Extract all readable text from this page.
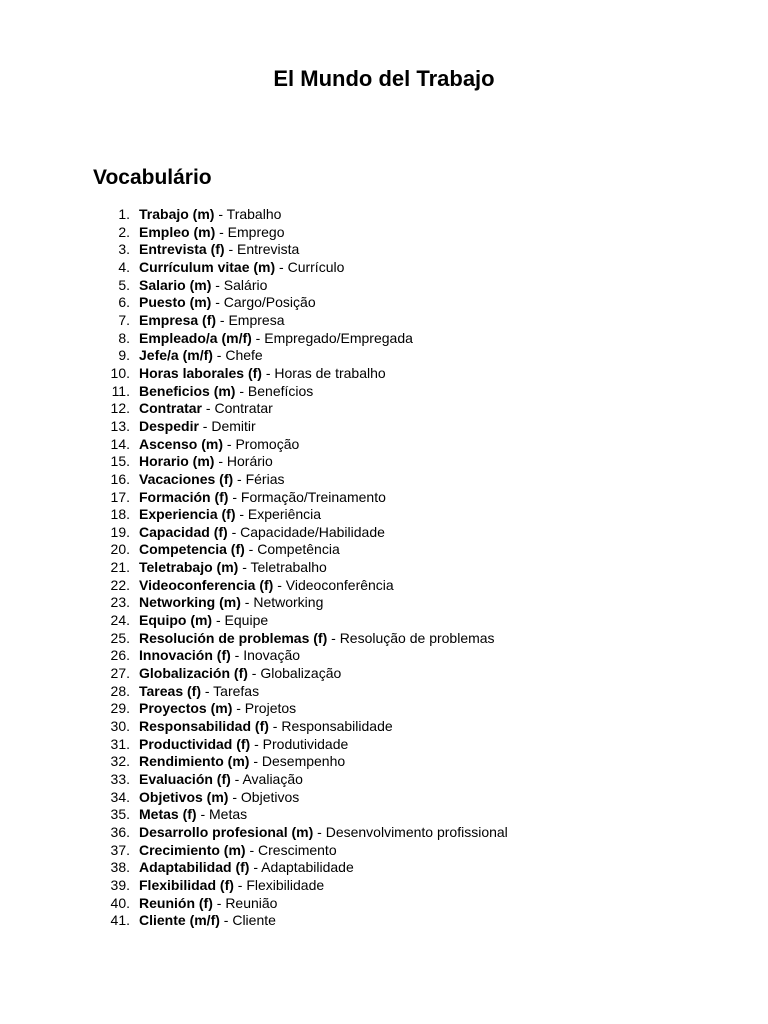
El Mundo del Trabajo
Vocabulário
1. Trabajo (m) - Trabalho
2. Empleo (m) - Emprego
3. Entrevista (f) - Entrevista
4. Currículum vitae (m) - Currículo
5. Salario (m) - Salário
6. Puesto (m) - Cargo/Posição
7. Empresa (f) - Empresa
8. Empleado/a (m/f) - Empregado/Empregada
9. Jefe/a (m/f) - Chefe
10. Horas laborales (f) - Horas de trabalho
11. Beneficios (m) - Benefícios
12. Contratar - Contratar
13. Despedir - Demitir
14. Ascenso (m) - Promoção
15. Horario (m) - Horário
16. Vacaciones (f) - Férias
17. Formación (f) - Formação/Treinamento
18. Experiencia (f) - Experiência
19. Capacidad (f) - Capacidade/Habilidade
20. Competencia (f) - Competência
21. Teletrabajo (m) - Teletrabalho
22. Videoconferencia (f) - Videoconferência
23. Networking (m) - Networking
24. Equipo (m) - Equipe
25. Resolución de problemas (f) - Resolução de problemas
26. Innovación (f) - Inovação
27. Globalización (f) - Globalização
28. Tareas (f) - Tarefas
29. Proyectos (m) - Projetos
30. Responsabilidad (f) - Responsabilidade
31. Productividad (f) - Produtividade
32. Rendimiento (m) - Desempenho
33. Evaluación (f) - Avaliação
34. Objetivos (m) - Objetivos
35. Metas (f) - Metas
36. Desarrollo profesional (m) - Desenvolvimento profissional
37. Crecimiento (m) - Crescimento
38. Adaptabilidad (f) - Adaptabilidade
39. Flexibilidad (f) - Flexibilidade
40. Reunión (f) - Reunião
41. Cliente (m/f) - Cliente
